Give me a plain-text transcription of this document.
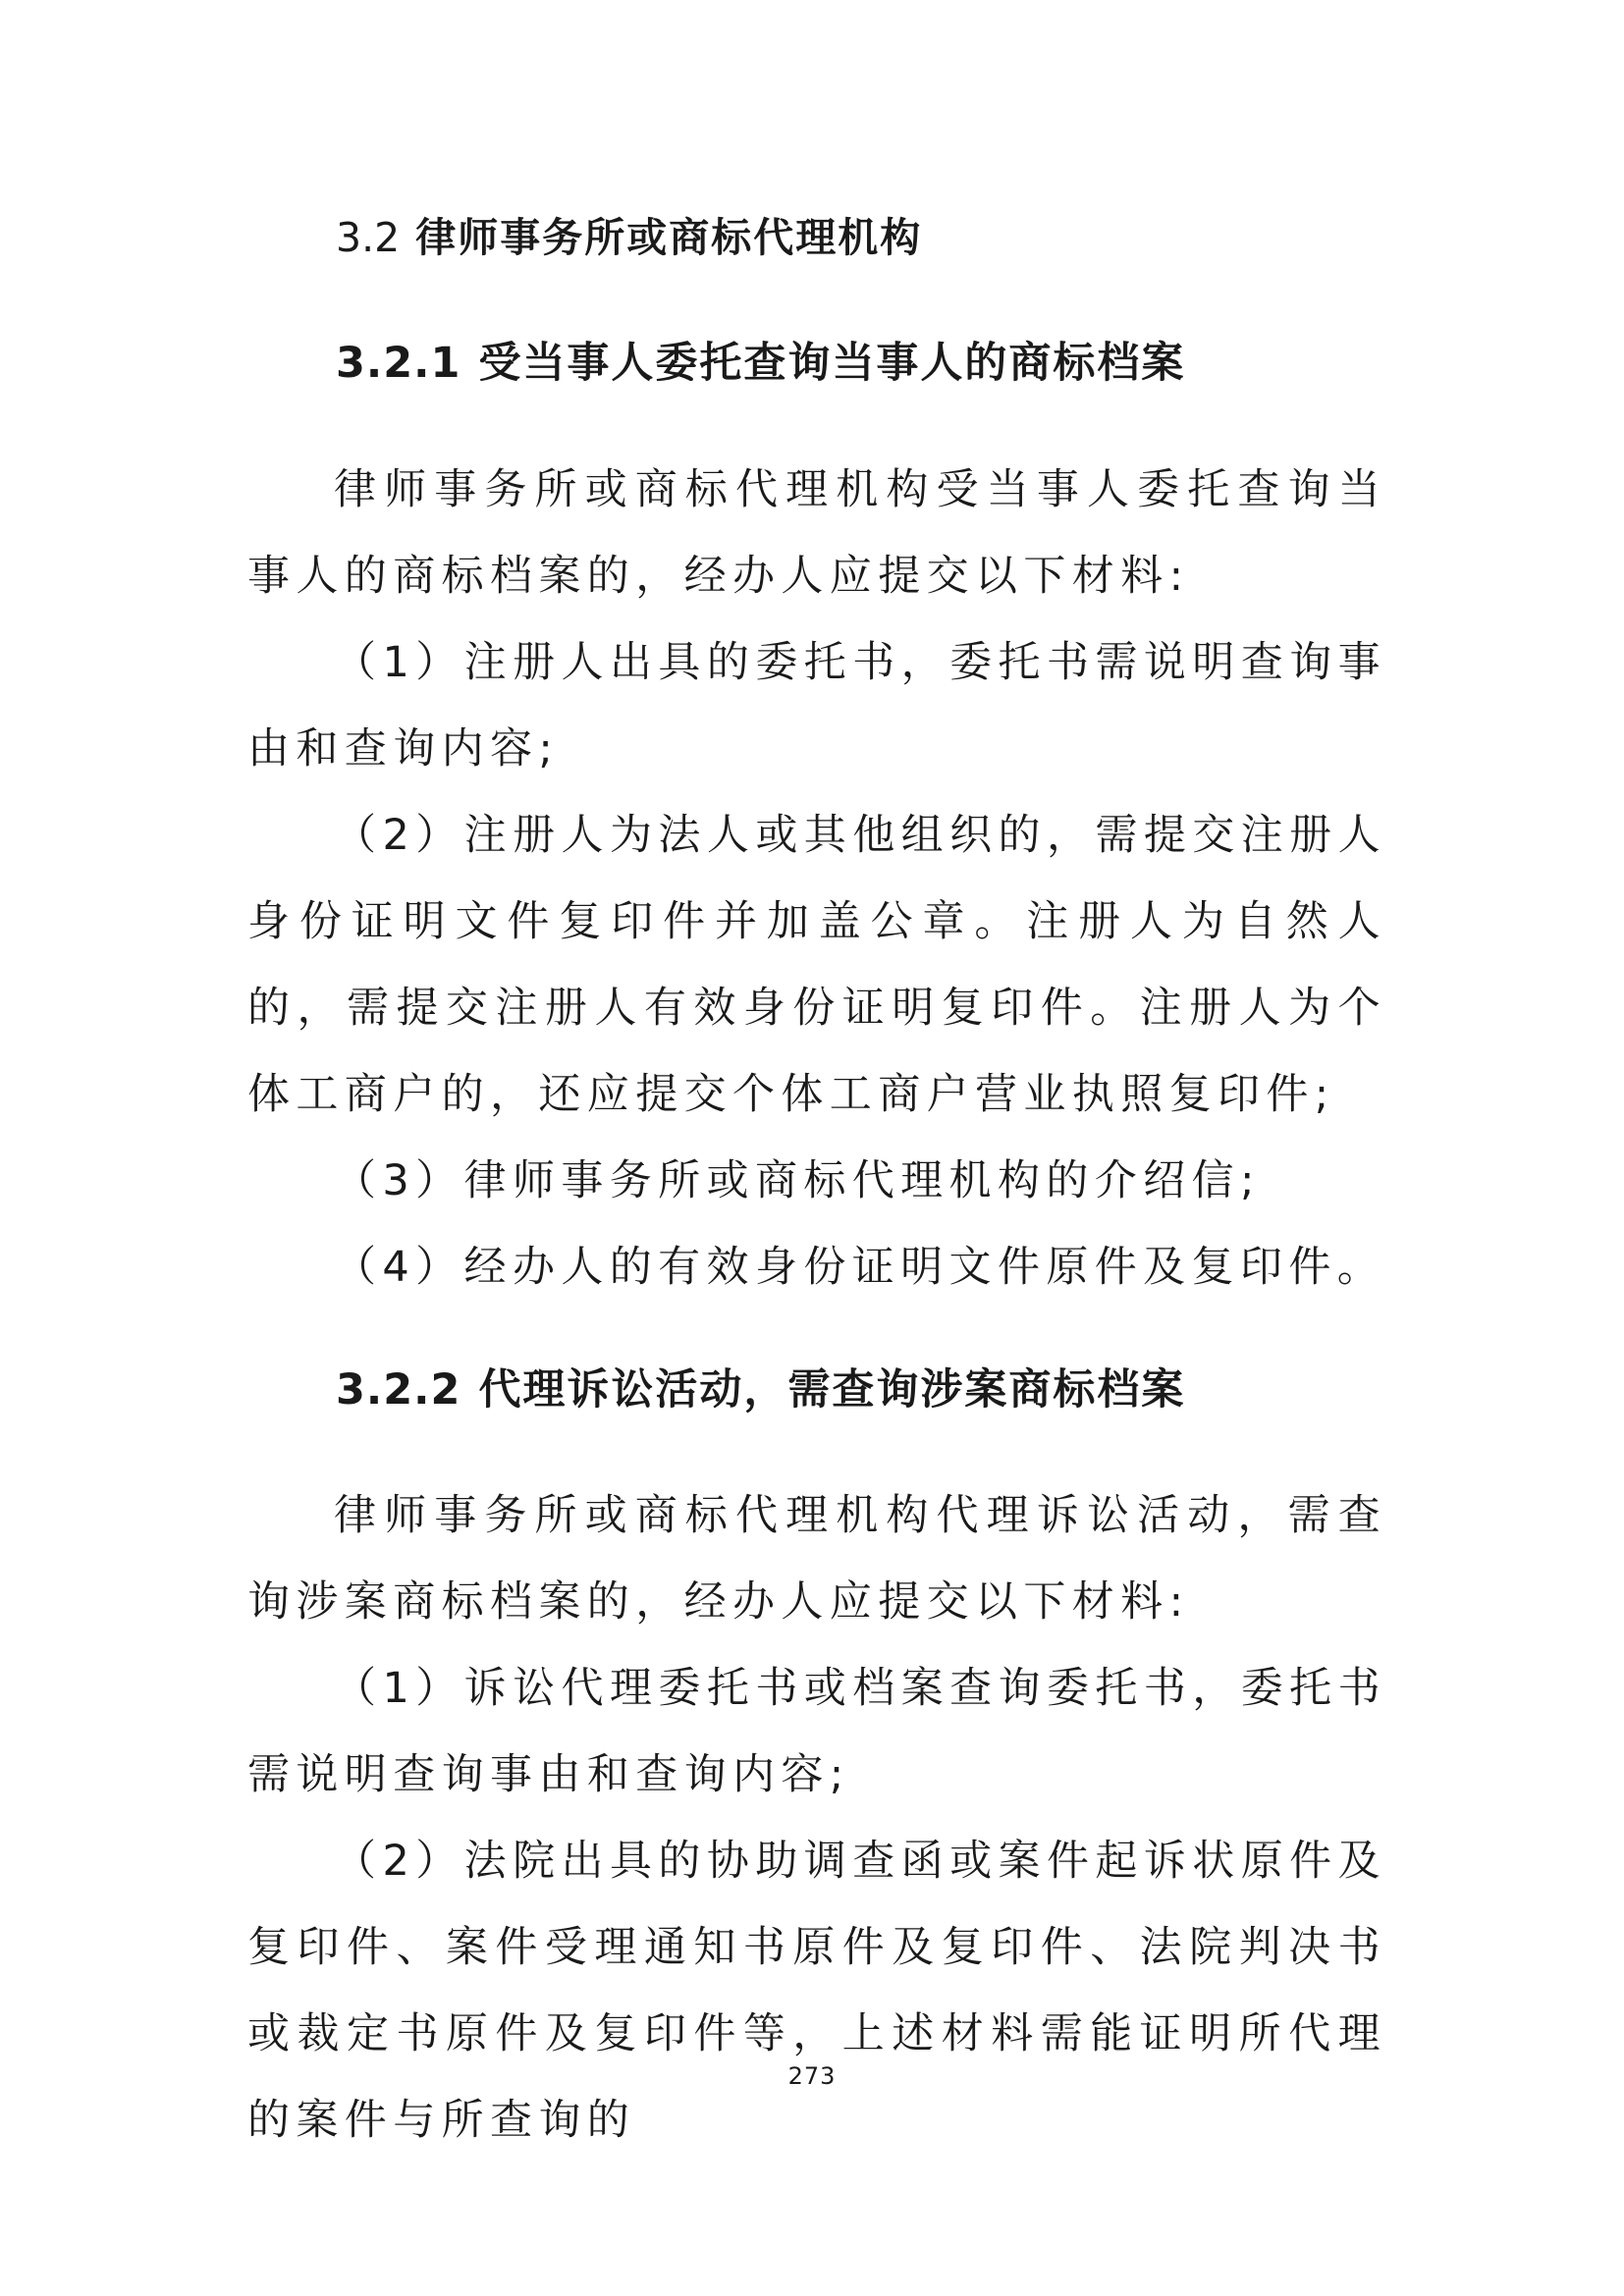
3.2 律师事务所或商标代理机构
3.2.1 受当事人委托查询当事人的商标档案

律师事务所或商标代理机构受当事人委托查询当事人的商标档案的，经办人应提交以下材料:

（1）注册人出具的委托书，委托书需说明查询事由和查询内容;

（2）注册人为法人或其他组织的，需提交注册人身份证明文件复印件并加盖公章。注册人为自然人的，需提交注册人有效身份证明复印件。注册人为个体工商户的，还应提交个体工商户营业执照复印件;

（3）律师事务所或商标代理机构的介绍信;

（4）经办人的有效身份证明文件原件及复印件。

3.2.2 代理诉讼活动，需查询涉案商标档案

律师事务所或商标代理机构代理诉讼活动，需查询涉案商标档案的，经办人应提交以下材料:

（1）诉讼代理委托书或档案查询委托书，委托书需说明查询事由和查询内容;

（2）法院出具的协助调查函或案件起诉状原件及复印件、案件受理通知书原件及复印件、法院判决书或裁定书原件及复印件等，上述材料需能证明所代理的案件与所查询的

273
